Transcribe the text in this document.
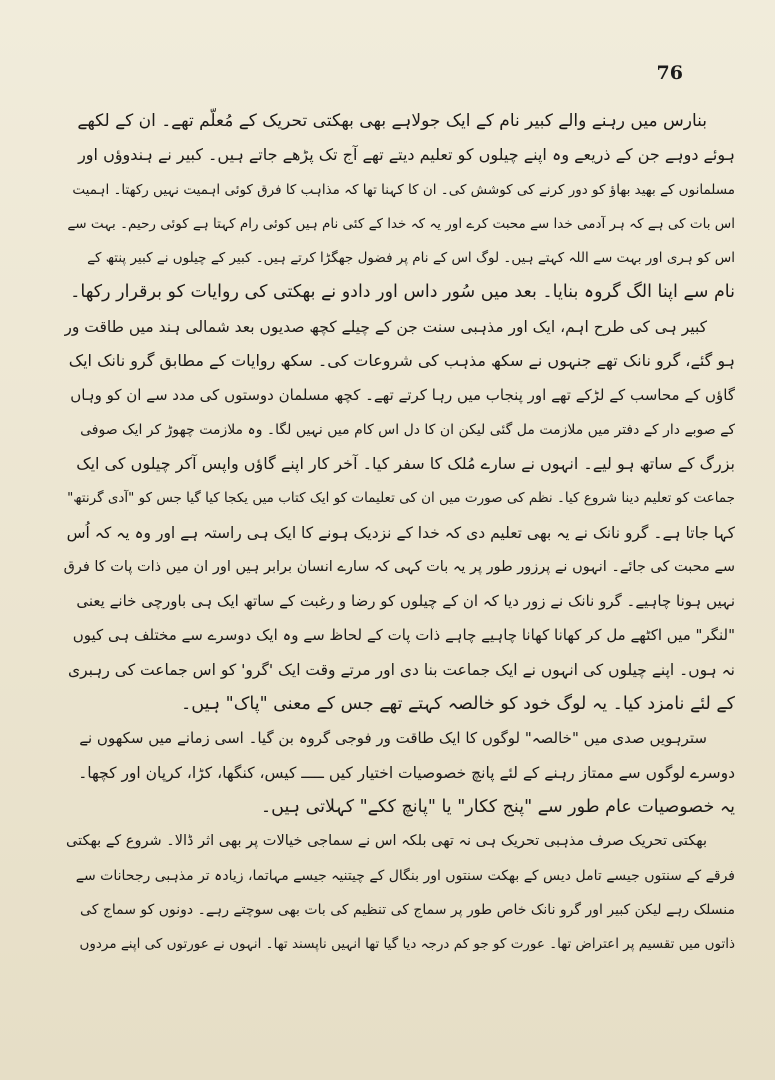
76
بنارس میں رہنے والے کبیر نام کے ایک جولاہے بھی بھکتی تحریک کے مُعلّم تھے۔ ان کے لکھے
ہوئے دوہے جن کے ذریعے وہ اپنے چیلوں کو تعلیم دیتے تھے آج تک پڑھے جاتے ہیں۔ کبیر نے ہندوؤں اور
مسلمانوں کے بھید بھاؤ کو دور کرنے کی کوشش کی۔ ان کا کہنا تھا کہ مذاہب کا فرق کوئی اہمیت نہیں رکھتا۔ اہمیت
اس بات کی ہے کہ ہر آدمی خدا سے محبت کرے اور یہ کہ خدا کے کئی نام ہیں کوئی رام کہتا ہے کوئی رحیم۔ بہت سے
اس کو ہری اور بہت سے اللہ کہتے ہیں۔ لوگ اس کے نام پر فضول جھگڑا کرتے ہیں۔ کبیر کے چیلوں نے کبیر پنتھ کے
نام سے اپنا الگ گروہ بنایا۔ بعد میں سُور داس اور دادو نے بھکتی کی روایات کو برقرار رکھا۔
کبیر ہی کی طرح اہم، ایک اور مذہبی سنت جن کے چیلے کچھ صدیوں بعد شمالی ہند میں طاقت ور
ہو گئے، گرو نانک تھے جنہوں نے سکھ مذہب کی شروعات کی۔ سکھ روایات کے مطابق گرو نانک ایک
گاؤں کے محاسب کے لڑکے تھے اور پنجاب میں رہا کرتے تھے۔ کچھ مسلمان دوستوں کی مدد سے ان کو وہاں
کے صوبے دار کے دفتر میں ملازمت مل گئی لیکن ان کا دل اس کام میں نہیں لگا۔ وہ ملازمت چھوڑ کر ایک صوفی
بزرگ کے ساتھ ہو لیے۔ انہوں نے سارے مُلک کا سفر کیا۔ آخر کار اپنے گاؤں واپس آکر چیلوں کی ایک
جماعت کو تعلیم دینا شروع کیا۔ نظم کی صورت میں ان کی تعلیمات کو ایک کتاب میں یکجا کیا گیا جس کو "آدی گرنتھ"
کہا جاتا ہے۔ گرو نانک نے یہ بھی تعلیم دی کہ خدا کے نزدیک ہونے کا ایک ہی راستہ ہے اور وہ یہ کہ اُس
سے محبت کی جائے۔ انہوں نے پرزور طور پر یہ بات کہی کہ سارے انسان برابر ہیں اور ان میں ذات پات کا فرق
نہیں ہونا چاہیے۔ گرو نانک نے زور دیا کہ ان کے چیلوں کو رضا و رغبت کے ساتھ ایک ہی باورچی خانے یعنی
"لنگر" میں اکٹھے مل کر کھانا کھانا چاہیے چاہے ذات پات کے لحاظ سے وہ ایک دوسرے سے مختلف ہی کیوں
نہ ہوں۔ اپنے چیلوں کی انہوں نے ایک جماعت بنا دی اور مرتے وقت ایک 'گرو' کو اس جماعت کی رہبری
کے لئے نامزد کیا۔ یہ لوگ خود کو خالصہ کہتے تھے جس کے معنی "پاک" ہیں۔
سترہویں صدی میں "خالصہ" لوگوں کا ایک طاقت ور فوجی گروہ بن گیا۔ اسی زمانے میں سکھوں نے
دوسرے لوگوں سے ممتاز رہنے کے لئے پانچ خصوصیات اختیار کیں ـــــ کیس، کنگھا، کڑا، کرپان اور کچھا۔
یہ خصوصیات عام طور سے "پنج ککار" یا "پانچ ککے" کہلاتی ہیں۔
بھکتی تحریک صرف مذہبی تحریک ہی نہ تھی بلکہ اس نے سماجی خیالات پر بھی اثر ڈالا۔ شروع کے بھکتی
فرقے کے سنتوں جیسے تامل دیس کے بھکت سنتوں اور بنگال کے چیتنیہ جیسے مہاتما، زیادہ تر مذہبی رجحانات سے
منسلک رہے لیکن کبیر اور گرو نانک خاص طور پر سماج کی تنظیم کی بات بھی سوچتے رہے۔ دونوں کو سماج کی
ذاتوں میں تقسیم پر اعتراض تھا۔ عورت کو جو کم درجہ دیا گیا تھا انہیں ناپسند تھا۔ انہوں نے عورتوں کی اپنے مردوں
